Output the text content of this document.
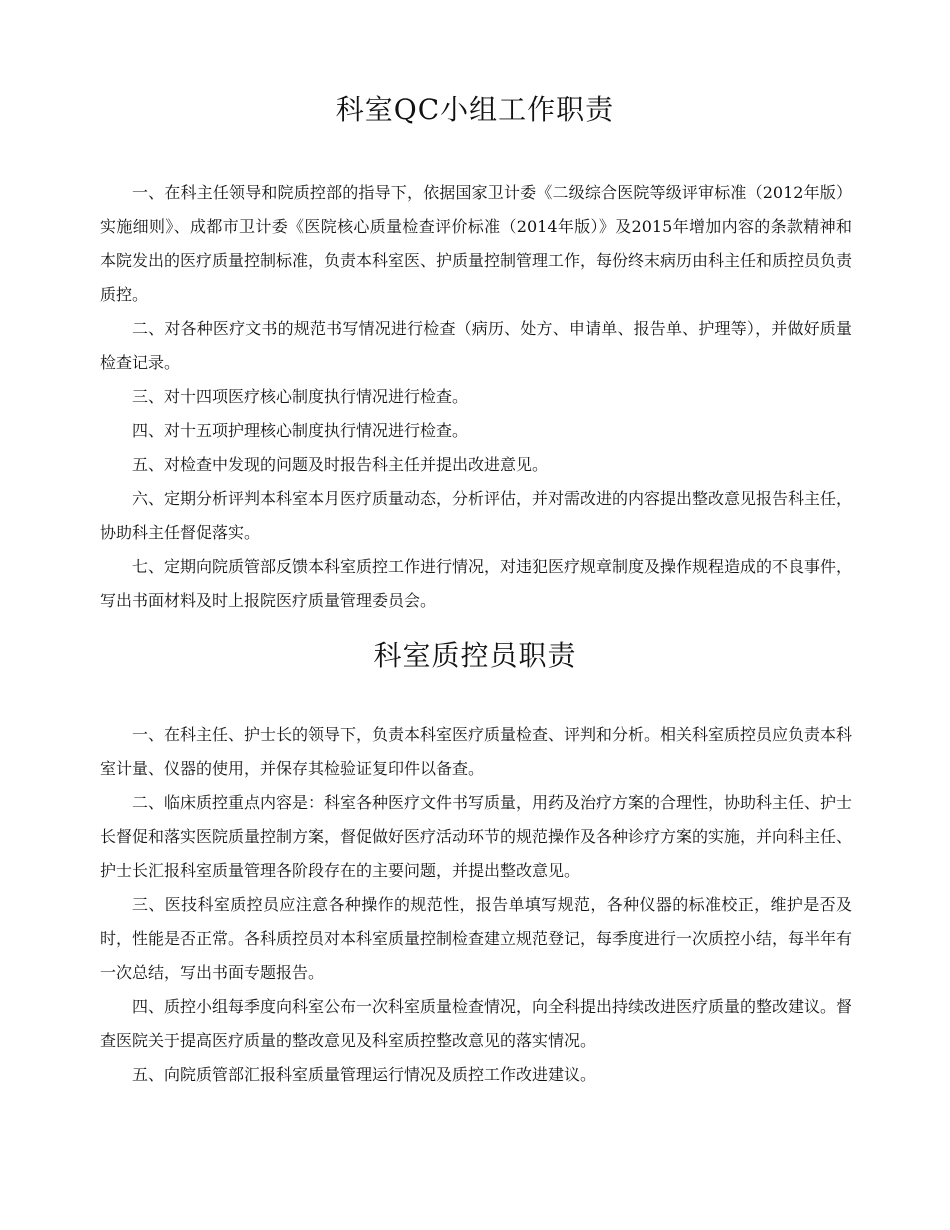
科室QC小组工作职责

一、在科主任领导和院质控部的指导下，依据国家卫计委《二级综合医院等级评审标准（2012年版）实施细则》、成都市卫计委《医院核心质量检查评价标准（2014年版）》及2015年增加内容的条款精神和本院发出的医疗质量控制标准，负责本科室医、护质量控制管理工作，每份终末病历由科主任和质控员负责质控。

二、对各种医疗文书的规范书写情况进行检查（病历、处方、申请单、报告单、护理等），并做好质量检查记录。

三、对十四项医疗核心制度执行情况进行检查。

四、对十五项护理核心制度执行情况进行检查。

五、对检查中发现的问题及时报告科主任并提出改进意见。

六、定期分析评判本科室本月医疗质量动态，分析评估，并对需改进的内容提出整改意见报告科主任，协助科主任督促落实。

七、定期向院质管部反馈本科室质控工作进行情况，对违犯医疗规章制度及操作规程造成的不良事件，写出书面材料及时上报院医疗质量管理委员会。

科室质控员职责

一、在科主任、护士长的领导下，负责本科室医疗质量检查、评判和分析。相关科室质控员应负责本科室计量、仪器的使用，并保存其检验证复印件以备查。

二、临床质控重点内容是：科室各种医疗文件书写质量，用药及治疗方案的合理性，协助科主任、护士长督促和落实医院质量控制方案，督促做好医疗活动环节的规范操作及各种诊疗方案的实施，并向科主任、护士长汇报科室质量管理各阶段存在的主要问题，并提出整改意见。

三、医技科室质控员应注意各种操作的规范性，报告单填写规范，各种仪器的标准校正，维护是否及时，性能是否正常。各科质控员对本科室质量控制检查建立规范登记，每季度进行一次质控小结，每半年有一次总结，写出书面专题报告。

四、质控小组每季度向科室公布一次科室质量检查情况，向全科提出持续改进医疗质量的整改建议。督查医院关于提高医疗质量的整改意见及科室质控整改意见的落实情况。

五、向院质管部汇报科室质量管理运行情况及质控工作改进建议。
